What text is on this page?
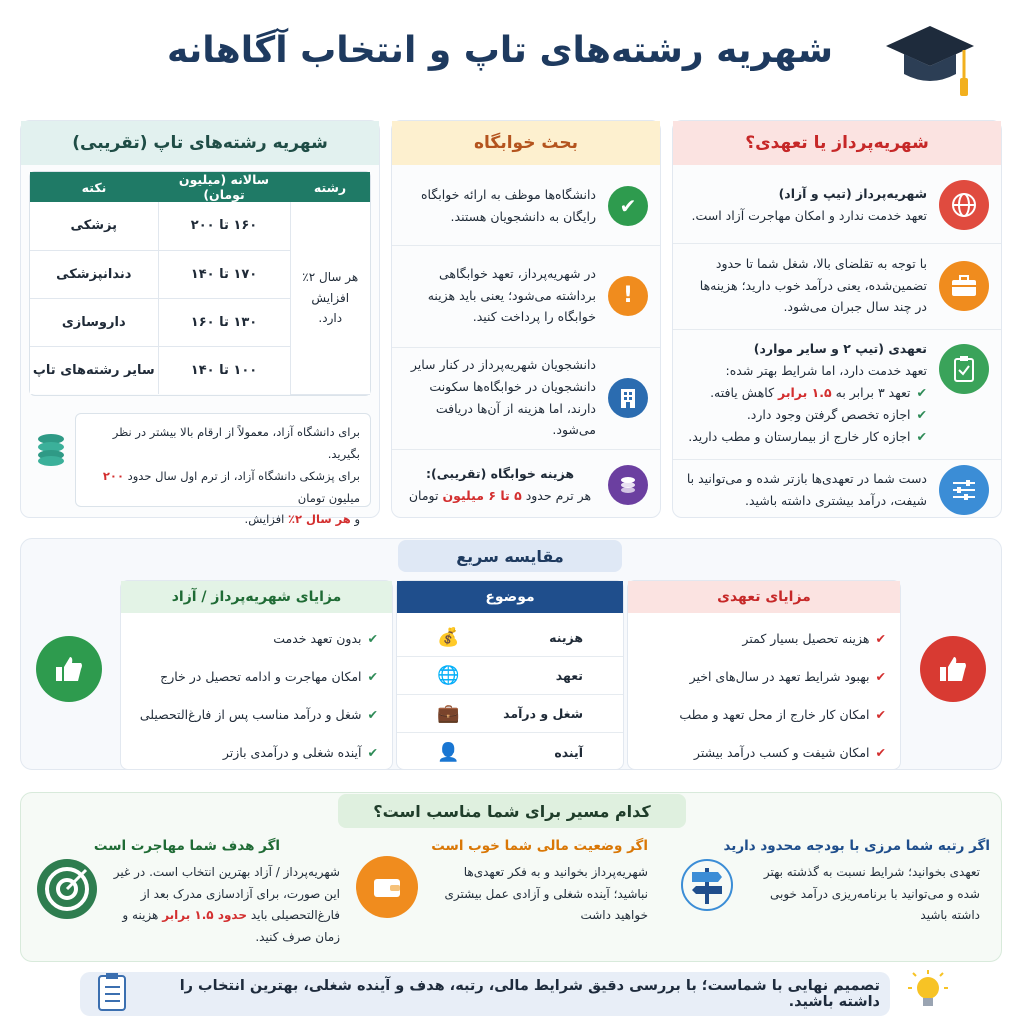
شهریه رشته‌های تاپ و انتخاب آگاهانه
شهریه‌پرداز یا تعهدی؟
شهریه‌پرداز (تیپ و آزاد)
تعهد خدمت ندارد و امکان مهاجرت آزاد است.
با توجه به تقلضای بالا، شغل شما تا حدود تضمین‌شده، یعنی درآمد خوب دارید؛ هزینه‌ها در چند سال جبران می‌شود.
تعهدی (تیپ ۲ و سایر موارد)
تعهد خدمت دارد، اما شرایط بهتر شده:
✔تعهد ۳ برابر به ۱.۵ برابر کاهش یافته.
✔اجازه تخصص گرفتن وجود دارد.
✔اجازه کار خارج از بیمارستان و مطب دارید.
دست شما در تعهدی‌ها بازتر شده و می‌توانید با شیفت، درآمد بیشتری داشته باشید.
بحث خوابگاه
✔
دانشگاه‌ها موظف به ارائه خوابگاه رایگان به دانشجویان هستند.
!
در شهریه‌پرداز، تعهد خوابگاهی برداشته می‌شود؛ یعنی باید هزینه خوابگاه را پرداخت کنید.
دانشجویان شهریه‌پرداز در کنار سایر دانشجویان در خوابگاه‌ها سکونت دارند، اما هزینه از آن‌ها دریافت می‌شود.
هزینه خوابگاه (تقریبی):
هر ترم حدود ۵ تا ۶ میلیون تومان
شهریه رشته‌های تاپ (تقریبی)
رشته	سالانه (میلیون تومان)	نکته
هر سال ۲٪ افزایش دارد.	۱۶۰ تا ۲۰۰	پزشکی
	۱۷۰ تا ۱۴۰	دندانپزشکی
	۱۳۰ تا ۱۶۰	داروسازی
	۱۰۰ تا ۱۴۰	سایر رشته‌های تاپ
برای دانشگاه آزاد، معمولاً از ارقام بالا بیشتر در نظر بگیرید.
برای پزشکی دانشگاه آزاد، از ترم اول سال حدود ۲۰۰ میلیون تومان
و هر سال ۲٪ افزایش.
مقایسه سریع
مزایای تعهدی
✔
هزینه تحصیل بسیار کمتر
✔
بهبود شرایط تعهد در سال‌های اخیر
✔
امکان کار خارج از محل تعهد و مطب
✔
امکان شیفت و کسب درآمد بیشتر
موضوع
هزینه
💰
تعهد
🌐
شغل و درآمد
💼
آینده
👤
مزایای شهریه‌پرداز / آزاد
✔
بدون تعهد خدمت
✔
امکان مهاجرت و ادامه تحصیل در خارج
✔
شغل و درآمد مناسب پس از فارغ‌التحصیلی
✔
آینده شغلی و درآمدی بازتر
کدام مسیر برای شما مناسب است؟
اگر رتبه شما مرزی با بودجه محدود دارید

تعهدی بخوانید؛ شرایط نسبت به گذشته بهتر شده و می‌توانید با برنامه‌ریزی درآمد خوبی داشته باشید

اگر وضعیت مالی شما خوب است

شهریه‌پرداز بخوانید و به فکر تعهدی‌ها نباشید؛ آینده شغلی و آزادی عمل بیشتری خواهید داشت

اگر هدف شما مهاجرت است

شهریه‌پرداز / آزاد بهترین انتخاب است. در غیر این صورت، برای آزادسازی مدرک بعد از فارغ‌التحصیلی باید حدود ۱.۵ برابر هزینه و زمان صرف کنید.

تصمیم نهایی با شماست؛ با بررسی دقیق شرایط مالی، رتبه، هدف و آینده شغلی، بهترین انتخاب را داشته باشید.
